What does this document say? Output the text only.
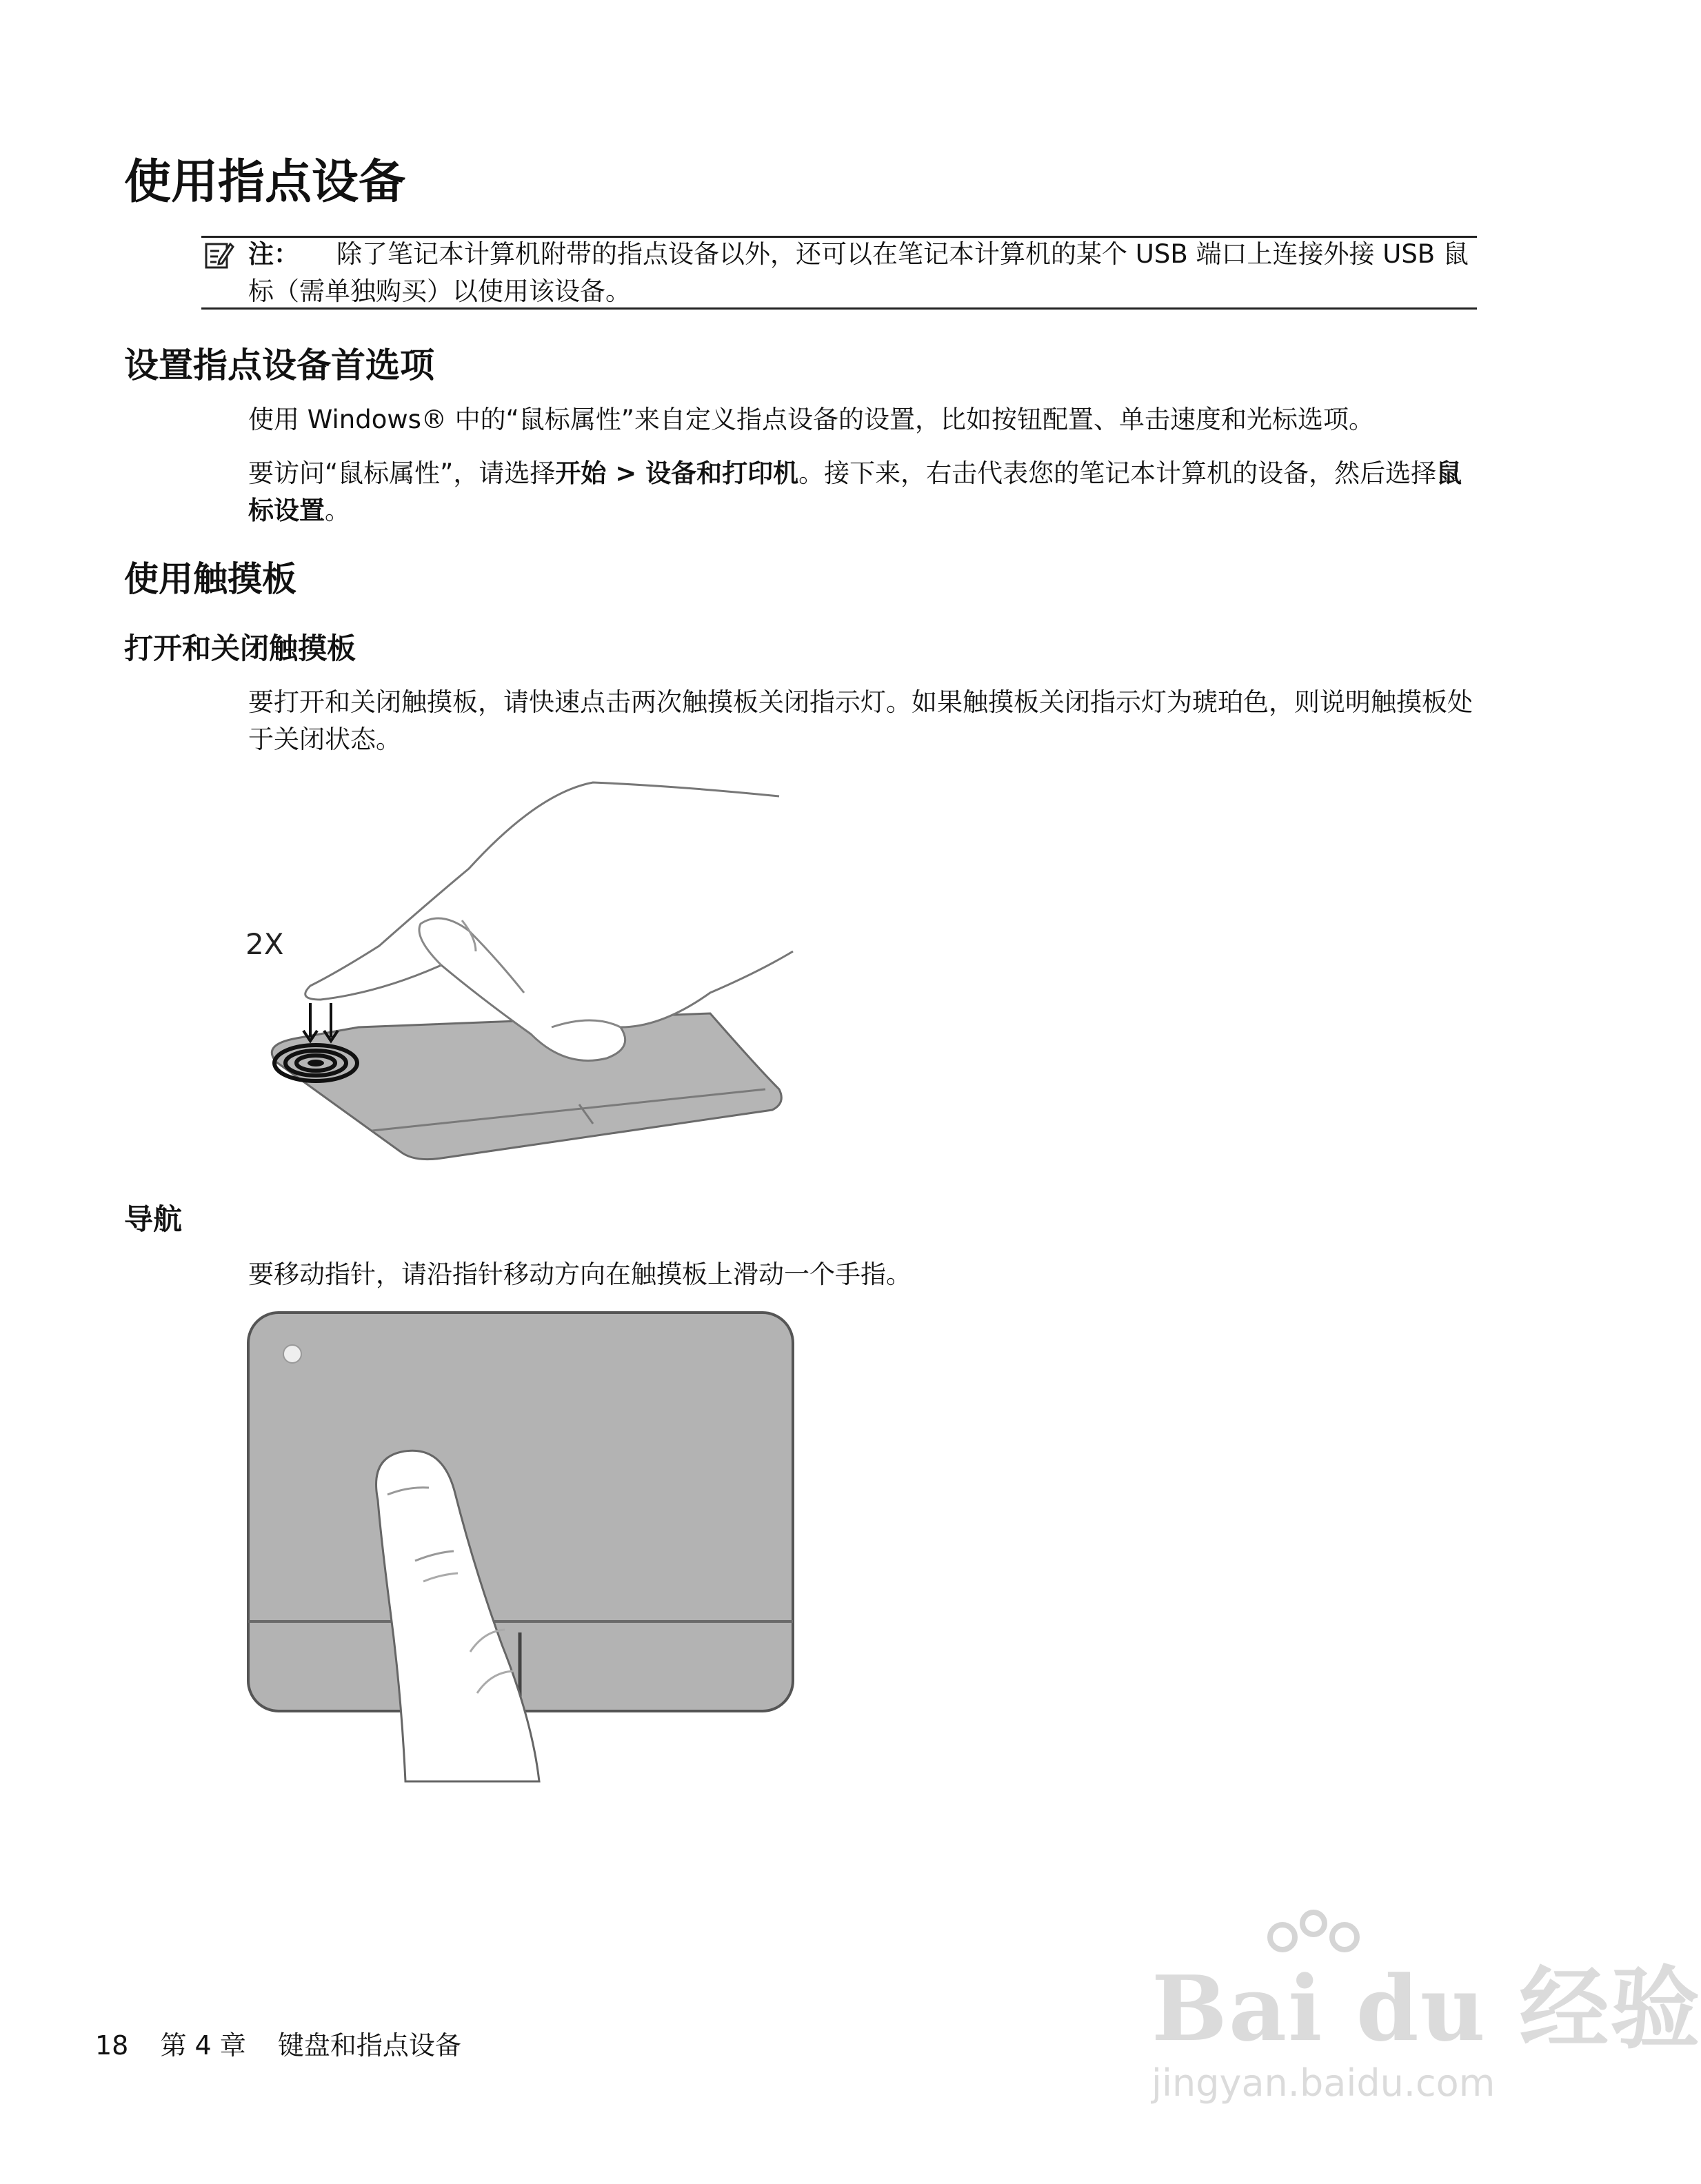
使用指点设备
注： 除了笔记本计算机附带的指点设备以外，还可以在笔记本计算机的某个 USB 端口上连接外接 USB 鼠标（需单独购买）以使用该设备。
设置指点设备首选项
使用 Windows® 中的“鼠标属性”来自定义指点设备的设置，比如按钮配置、单击速度和光标选项。
要访问“鼠标属性”，请选择开始 > 设备和打印机。接下来，右击代表您的笔记本计算机的设备，然后选择鼠标设置。
使用触摸板
打开和关闭触摸板
要打开和关闭触摸板，请快速点击两次触摸板关闭指示灯。如果触摸板关闭指示灯为琥珀色，则说明触摸板处于关闭状态。
2X
导航
要移动指针，请沿指针移动方向在触摸板上滑动一个手指。
Bai du 经验
jingyan.baidu.com
18 第 4 章 键盘和指点设备
